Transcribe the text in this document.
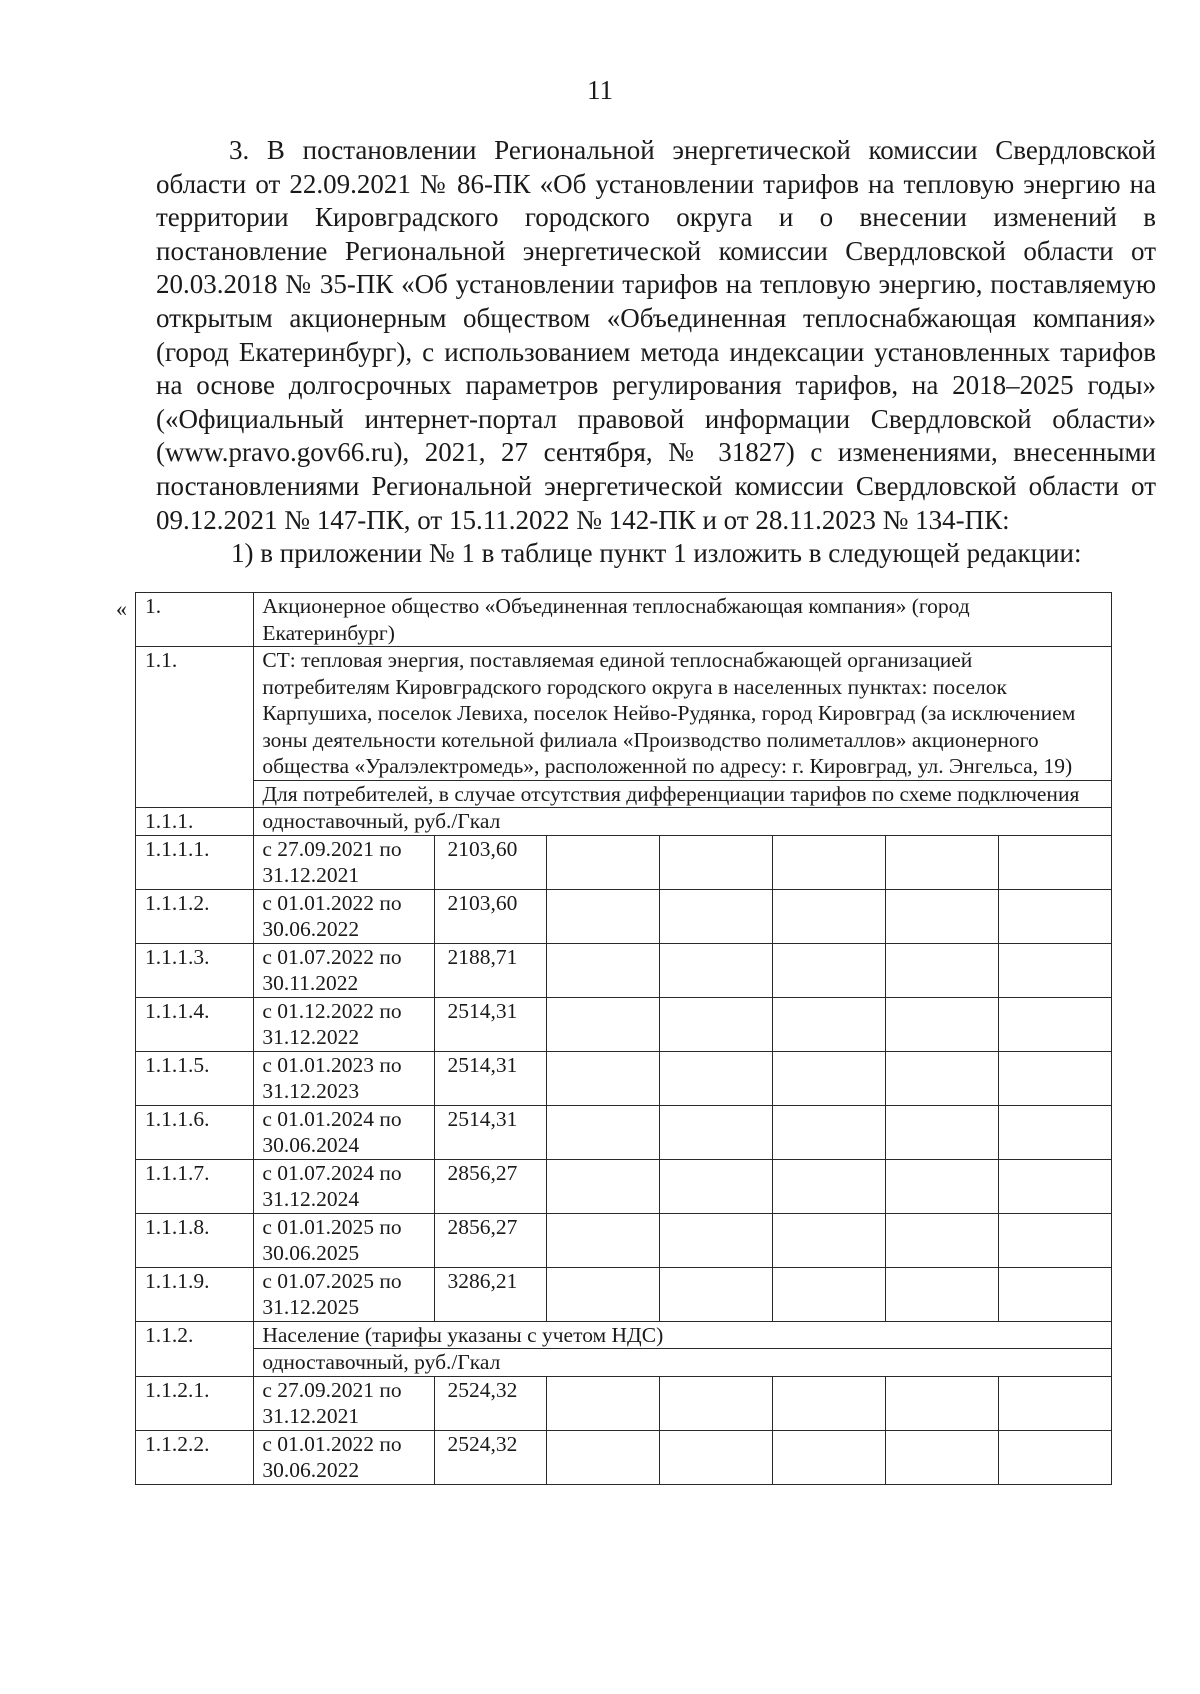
11

3. В постановлении Региональной энергетической комиссии Свердловской области от 22.09.2021 № 86-ПК «Об установлении тарифов на тепловую энергию на территории Кировградского городского округа и о внесении изменений в постановление Региональной энергетической комиссии Свердловской области от 20.03.2018 № 35-ПК «Об установлении тарифов на тепловую энергию, поставляемую открытым акционерным обществом «Объединенная теплоснабжающая компания» (город Екатеринбург), с использованием метода индексации установленных тарифов на основе долгосрочных параметров регулирования тарифов, на 2018–2025 годы» («Официальный интернет-портал правовой информации Свердловской области» (www.pravo.gov66.ru), 2021, 27 сентября, № 31827) с изменениями, внесенными постановлениями Региональной энергетической комиссии Свердловской области от 09.12.2021 № 147-ПК, от 15.11.2022 № 142-ПК и от 28.11.2023 № 134-ПК:

1) в приложении № 1 в таблице пункт 1 изложить в следующей редакции:

« 1.	Акционерное общество «Объединенная теплоснабжающая компания» (город Екатеринбург)						
1.1.	СТ: тепловая энергия, поставляемая единой теплоснабжающей организацией потребителям Кировградского городского округа в населенных пунктах: поселок Карпушиха, поселок Левиха, поселок Нейво-Рудянка, город Кировград (за исключением зоны деятельности котельной филиала «Производство полиметаллов» акционерного общества «Уралэлектромедь», расположенной по адресу: г. Кировград, ул. Энгельса, 19)						
	Для потребителей, в случае отсутствия дифференциации тарифов по схеме подключения						
1.1.1.	одноставочный, руб./Гкал						
1.1.1.1.	с 27.09.2021 по 31.12.2021	2103,60					
1.1.1.2.	с 01.01.2022 по 30.06.2022	2103,60					
1.1.1.3.	с 01.07.2022 по 30.11.2022	2188,71					
1.1.1.4.	с 01.12.2022 по 31.12.2022	2514,31					
1.1.1.5.	с 01.01.2023 по 31.12.2023	2514,31					
1.1.1.6.	с 01.01.2024 по 30.06.2024	2514,31					
1.1.1.7.	с 01.07.2024 по 31.12.2024	2856,27					
1.1.1.8.	с 01.01.2025 по 30.06.2025	2856,27					
1.1.1.9.	с 01.07.2025 по 31.12.2025	3286,21					
1.1.2.	Население (тарифы указаны с учетом НДС)						
	одноставочный, руб./Гкал						
1.1.2.1.	с 27.09.2021 по 31.12.2021	2524,32					
1.1.2.2.	с 01.01.2022 по 30.06.2022	2524,32					
